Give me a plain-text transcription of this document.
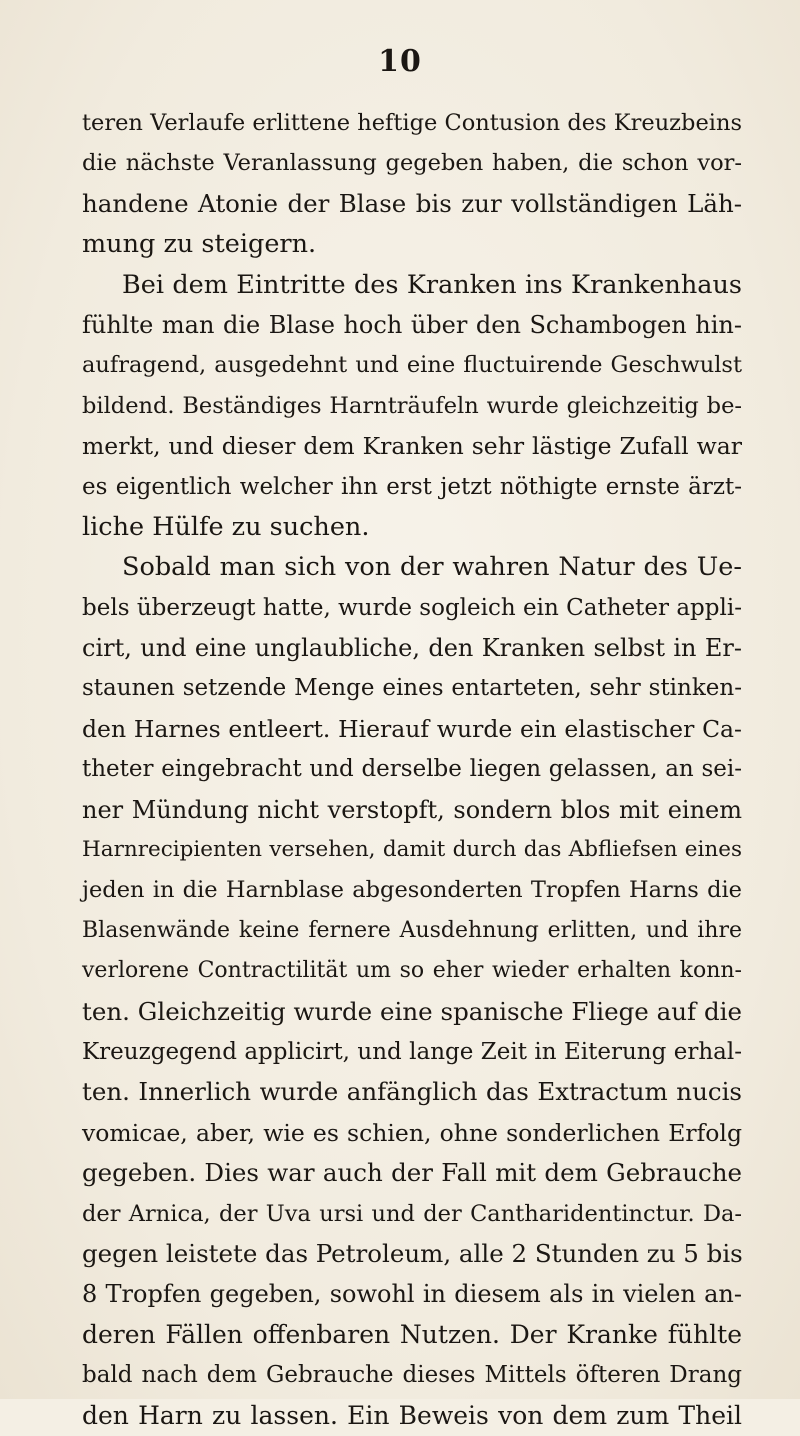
10
teren Verlaufe erlittene heftige Contusion des Kreuzbeins
die nächste Veranlassung gegeben haben, die schon vor-
handene Atonie der Blase bis zur vollständigen Läh-
mung zu steigern.
Bei dem Eintritte des Kranken ins Krankenhaus
fühlte man die Blase hoch über den Schambogen hin-
aufragend, ausgedehnt und eine fluctuirende Geschwulst
bildend. Beständiges Harnträufeln wurde gleichzeitig be-
merkt, und dieser dem Kranken sehr lästige Zufall war
es eigentlich welcher ihn erst jetzt nöthigte ernste ärzt-
liche Hülfe zu suchen.
Sobald man sich von der wahren Natur des Ue-
bels überzeugt hatte, wurde sogleich ein Catheter appli-
cirt, und eine unglaubliche, den Kranken selbst in Er-
staunen setzende Menge eines entarteten, sehr stinken-
den Harnes entleert. Hierauf wurde ein elastischer Ca-
theter eingebracht und derselbe liegen gelassen, an sei-
ner Mündung nicht verstopft, sondern blos mit einem
Harnrecipienten versehen, damit durch das Abfliefsen eines
jeden in die Harnblase abgesonderten Tropfen Harns die
Blasenwände keine fernere Ausdehnung erlitten, und ihre
verlorene Contractilität um so eher wieder erhalten konn-
ten. Gleichzeitig wurde eine spanische Fliege auf die
Kreuzgegend applicirt, und lange Zeit in Eiterung erhal-
ten. Innerlich wurde anfänglich das Extractum nucis
vomicae, aber, wie es schien, ohne sonderlichen Erfolg
gegeben. Dies war auch der Fall mit dem Gebrauche
der Arnica, der Uva ursi und der Cantharidentinctur. Da-
gegen leistete das Petroleum, alle 2 Stunden zu 5 bis
8 Tropfen gegeben, sowohl in diesem als in vielen an-
deren Fällen offenbaren Nutzen. Der Kranke fühlte
bald nach dem Gebrauche dieses Mittels öfteren Drang
den Harn zu lassen. Ein Beweis von dem zum Theil
